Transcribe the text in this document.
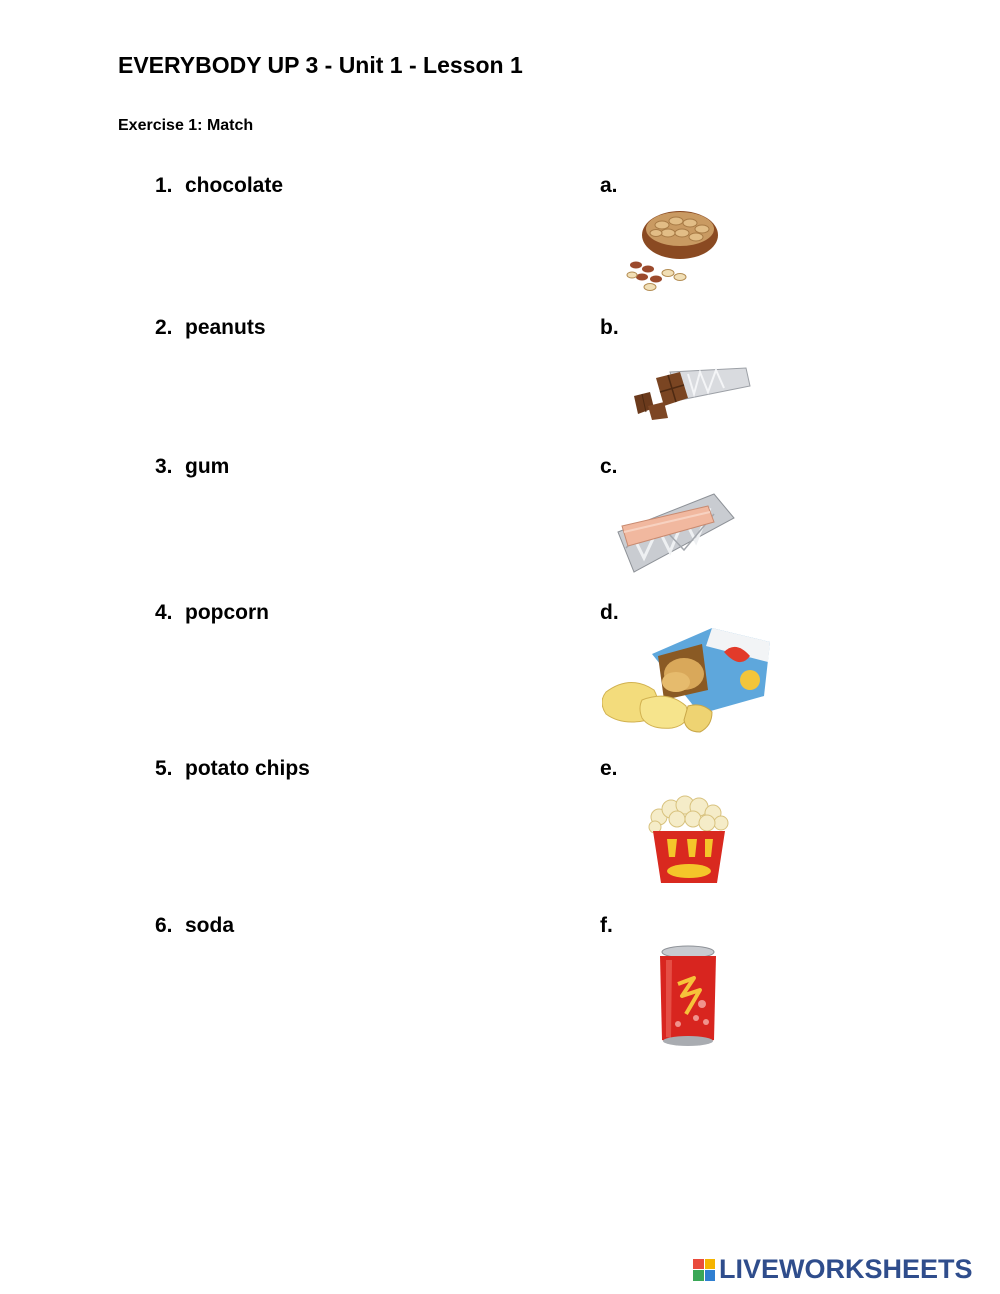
EVERYBODY UP 3 - Unit 1 - Lesson 1
Exercise 1: Match
1. chocolate
2. peanuts
3. gum
4. popcorn
5. potato chips
6. soda
a.
b.
c.
d.
e.
f.
LIVEWORKSHEETS
